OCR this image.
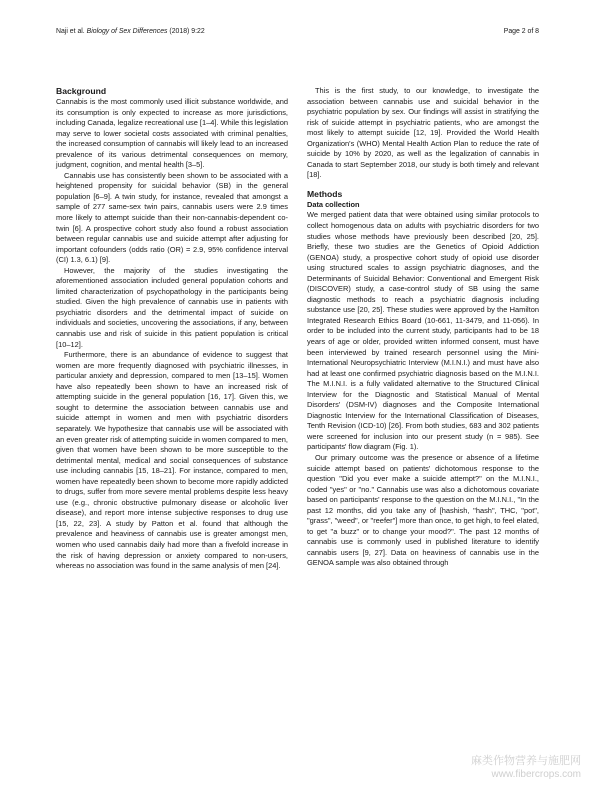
Naji et al. Biology of Sex Differences (2018) 9:22	Page 2 of 8

Background

Cannabis is the most commonly used illicit substance worldwide, and its consumption is only expected to increase as more jurisdictions, including Canada, legalize recreational use [1–4]. While this legislation may serve to lower societal costs associated with criminal penalties, the increased consumption of cannabis will likely lead to an increased prevalence of its various detrimental consequences on memory, judgment, cognition, and mental health [3–5].

Cannabis use has consistently been shown to be associated with a heightened propensity for suicidal behavior (SB) in the general population [6–9]. A twin study, for instance, revealed that amongst a sample of 277 same-sex twin pairs, cannabis users were 2.9 times more likely to attempt suicide than their non-cannabis-dependent co-twin [6]. A prospective cohort study also found a robust association between regular cannabis use and suicide attempt after adjusting for important cofounders (odds ratio (OR) = 2.9, 95% confidence interval (CI) 1.3, 6.1) [9].

However, the majority of the studies investigating the aforementioned association included general population cohorts and limited characterization of psychopathology in the participants being studied. Given the high prevalence of cannabis use in patients with psychiatric disorders and the detrimental impact of suicide on individuals and societies, uncovering the associations, if any, between cannabis use and risk of suicide in this patient population is critical [10–12].

Furthermore, there is an abundance of evidence to suggest that women are more frequently diagnosed with psychiatric illnesses, in particular anxiety and depression, compared to men [13–15]. Women have also repeatedly been shown to have an increased risk of attempting suicide in the general population [16, 17]. Given this, we sought to determine the association between cannabis use and suicide attempt in women and men with psychiatric disorders separately. We hypothesize that cannabis use will be associated with an even greater risk of attempting suicide in women compared to men, given that women have been shown to be more susceptible to the detrimental mental, medical and social consequences of substance use including cannabis [15, 18–21]. For instance, compared to men, women have repeatedly been shown to become more rapidly addicted to drugs, suffer from more severe mental problems despite less heavy use (e.g., chronic obstructive pulmonary disease or alcoholic liver disease), and report more intense subjective responses to drug use [15, 22, 23]. A study by Patton et al. found that although the prevalence and heaviness of cannabis use is greater amongst men, women who used cannabis daily had more than a fivefold increase in the risk of having depression or anxiety compared to non-users, whereas no association was found in the same analysis of men [24].

This is the first study, to our knowledge, to investigate the association between cannabis use and suicidal behavior in the psychiatric population by sex. Our findings will assist in stratifying the risk of suicide attempt in psychiatric patients, who are amongst the most likely to attempt suicide [12, 19]. Provided the World Health Organization's (WHO) Mental Health Action Plan to reduce the rate of suicide by 10% by 2020, as well as the legalization of cannabis in Canada to start September 2018, our study is both timely and relevant [18].

Methods

Data collection

We merged patient data that were obtained using similar protocols to collect homogenous data on adults with psychiatric disorders for two studies whose methods have previously been described [20, 25]. Briefly, these two studies are the Genetics of Opioid Addiction (GENOA) study, a prospective cohort study of opioid use disorder using structured scales to assign psychiatric diagnoses, and the Determinants of Suicidal Behavior: Conventional and Emergent Risk (DISCOVER) study, a case-control study of SB using the same diagnostic methods to reach a psychiatric diagnosis including substance use [20, 25]. These studies were approved by the Hamilton Integrated Research Ethics Board (10-661, 11-3479, and 11-056). In order to be included into the current study, participants had to be 18 years of age or older, provided written informed consent, must have been interviewed by trained research personnel using the Mini-International Neuropsychiatric Interview (M.I.N.I.) and must have also had at least one confirmed psychiatric diagnosis based on the M.I.N.I. The M.I.N.I. is a fully validated alternative to the Structured Clinical Interview for the Diagnostic and Statistical Manual of Mental Disorders' (DSM-IV) diagnoses and the Composite International Diagnostic Interview for the International Classification of Diseases, Tenth Revision (ICD-10) [26]. From both studies, 683 and 302 patients were screened for inclusion into our present study (n = 985). See participants' flow diagram (Fig. 1).

Our primary outcome was the presence or absence of a lifetime suicide attempt based on patients' dichotomous response to the question "Did you ever make a suicide attempt?" on the M.I.N.I., coded "yes" or "no." Cannabis use was also a dichotomous covariate based on participants' response to the question on the M.I.N.I., "In the past 12 months, did you take any of [hashish, "hash", THC, "pot", "grass", "weed", or "reefer"] more than once, to get high, to feel elated, to get "a buzz" or to change your mood?". The past 12 months of cannabis use is commonly used in published literature to identify cannabis users [9, 27]. Data on heaviness of cannabis use in the GENOA sample was also obtained through

麻类作物营养与施肥网
www.fibercrops.com
